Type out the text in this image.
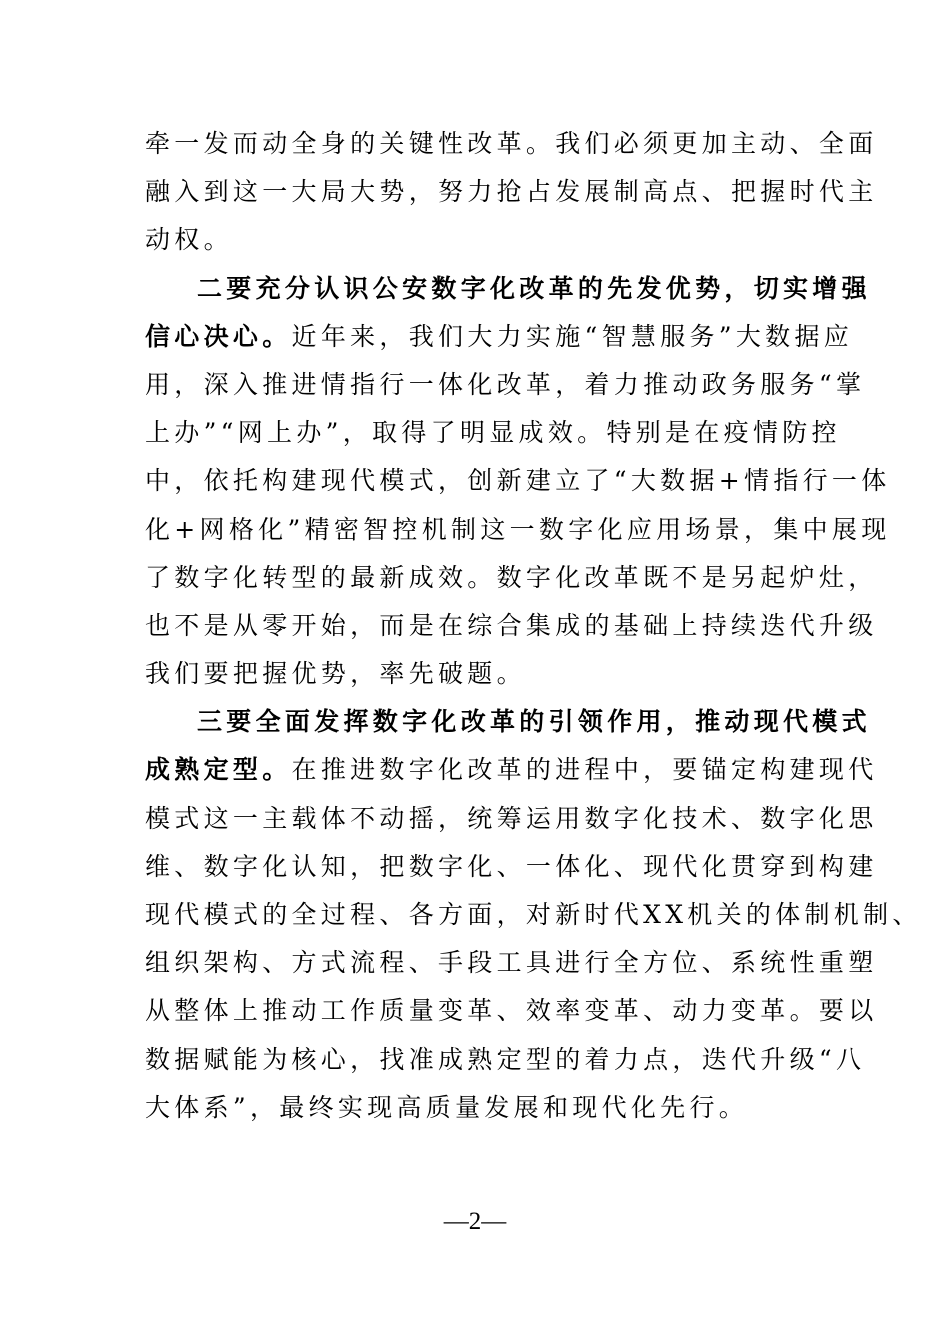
牵一发而动全身的关键性改革。我们必须更加主动、全面
融入到这一大局大势，努力抢占发展制高点、把握时代主
动权。
二要充分认识公安数字化改革的先发优势，切实增强
信心决心。近年来，我们大力实施“智慧服务”大数据应
用，深入推进情指行一体化改革，着力推动政务服务“掌
上办”“网上办”，取得了明显成效。特别是在疫情防控
中，依托构建现代模式，创新建立了“大数据+情指行一体
化+网格化”精密智控机制这一数字化应用场景，集中展现
了数字化转型的最新成效。数字化改革既不是另起炉灶，
也不是从零开始，而是在综合集成的基础上持续迭代升级
我们要把握优势，率先破题。
三要全面发挥数字化改革的引领作用，推动现代模式
成熟定型。在推进数字化改革的进程中，要锚定构建现代
模式这一主载体不动摇，统筹运用数字化技术、数字化思
维、数字化认知，把数字化、一体化、现代化贯穿到构建
现代模式的全过程、各方面，对新时代XX机关的体制机制、
组织架构、方式流程、手段工具进行全方位、系统性重塑
从整体上推动工作质量变革、效率变革、动力变革。要以
数据赋能为核心，找准成熟定型的着力点，迭代升级“八
大体系”，最终实现高质量发展和现代化先行。
—2—
